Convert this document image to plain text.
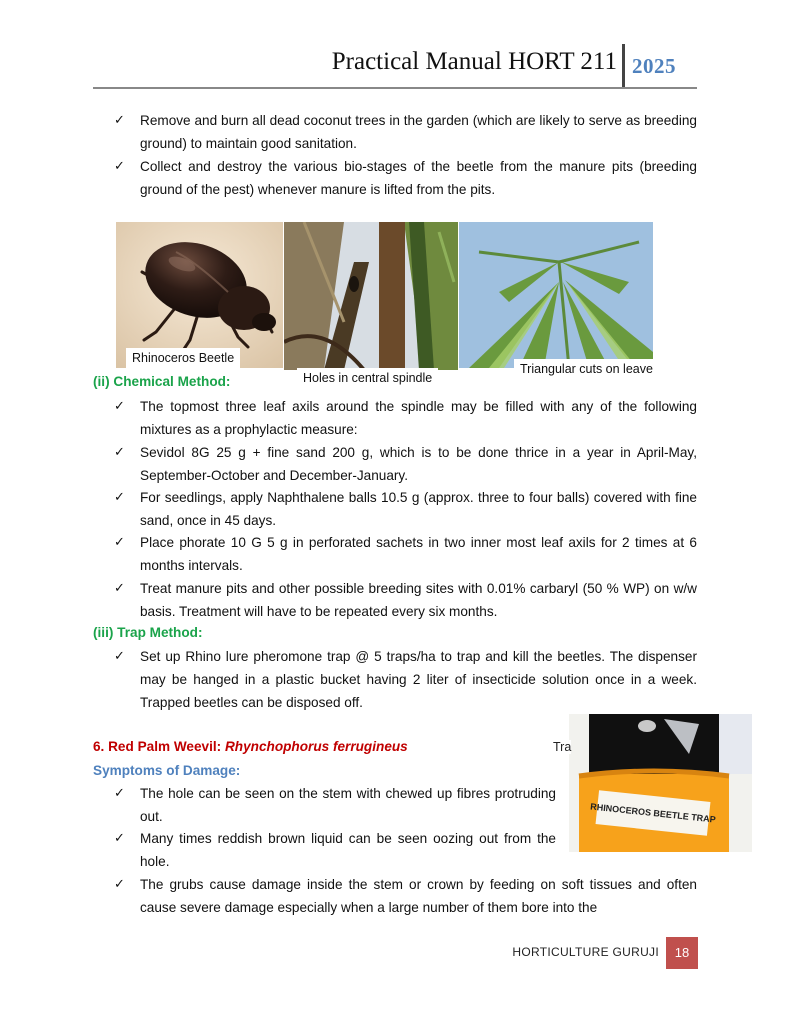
Practical Manual HORT 211 2025
✓ Remove and burn all dead coconut trees in the garden (which are likely to serve as breeding ground) to maintain good sanitation.
✓ Collect and destroy the various bio-stages of the beetle from the manure pits (breeding ground of the pest) whenever manure is lifted from the pits.
Rhinoceros Beetle
Holes in central spindle
Triangular cuts on leave
(ii) Chemical Method:
✓ The topmost three leaf axils around the spindle may be filled with any of the following mixtures as a prophylactic measure:
✓ Sevidol 8G 25 g + fine sand 200 g, which is to be done thrice in a year in April-May, September-October and December-January.
✓ For seedlings, apply Naphthalene balls 10.5 g (approx. three to four balls) covered with fine sand, once in 45 days.
✓ Place phorate 10 G 5 g in perforated sachets in two inner most leaf axils for 2 times at 6 months intervals.
✓ Treat manure pits and other possible breeding sites with 0.01% carbaryl (50 % WP) on w/w basis. Treatment will have to be repeated every six months.
(iii) Trap Method:
✓ Set up Rhino lure pheromone trap @ 5 traps/ha to trap and kill the beetles. The dispenser may be hanged in a plastic bucket having 2 liter of insecticide solution once in a week. Trapped beetles can be disposed off.
RHINOCEROS BEETLE TRAP
Tra
6. Red Palm Weevil: Rhynchophorus ferrugineus
Symptoms of Damage:
✓ The hole can be seen on the stem with chewed up fibres protruding out.
✓ Many times reddish brown liquid can be seen oozing out from the hole.
✓ The grubs cause damage inside the stem or crown by feeding on soft tissues and often cause severe damage especially when a large number of them bore into the
HORTICULTURE GURUJI	18
